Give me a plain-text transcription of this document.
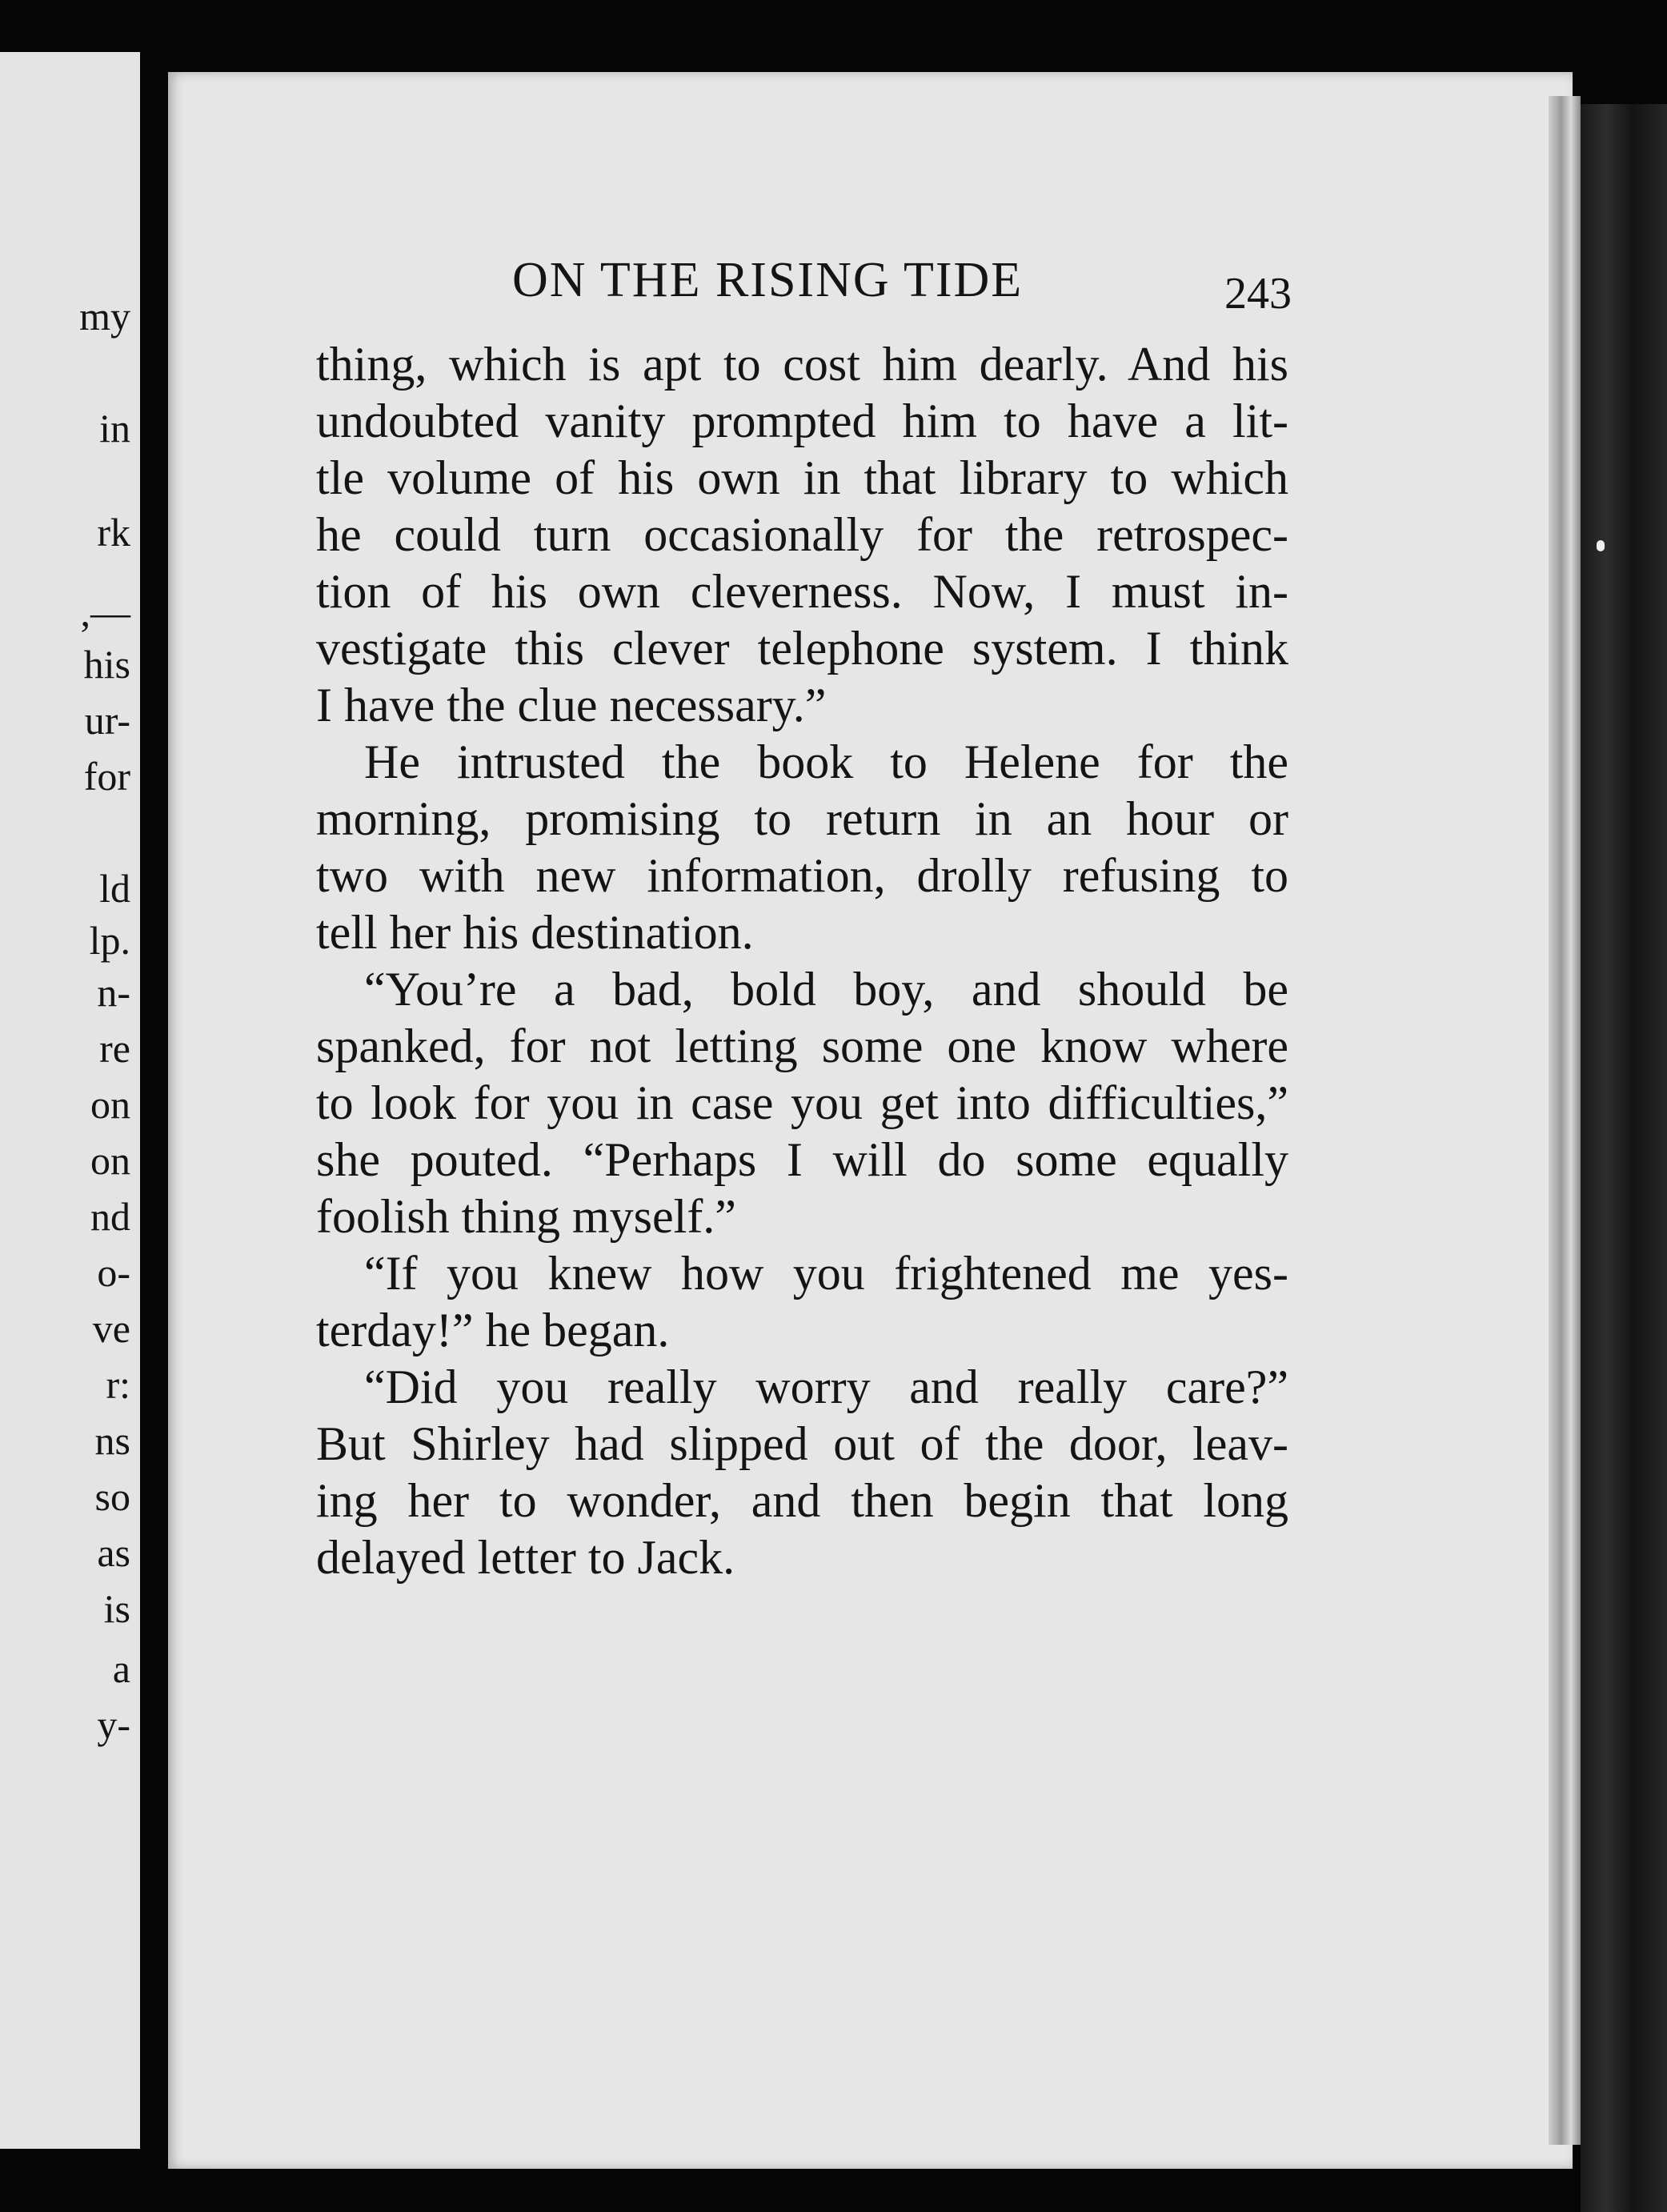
my
in
rk
,—
his
ur-
for
ld
lp.
n-
re
on
on
nd
o-
ve
r:
ns
so
as
is
a
y-
ON THE RISING TIDE	243
thing, which is apt to cost him dearly. And his
undoubted vanity prompted him to have a lit-
tle volume of his own in that library to which
he could turn occasionally for the retrospec-
tion of his own cleverness. Now, I must in-
vestigate this clever telephone system. I think
I have the clue necessary.”
He intrusted the book to Helene for the
morning, promising to return in an hour or
two with new information, drolly refusing to
tell her his destination.
“You’re a bad, bold boy, and should be
spanked, for not letting some one know where
to look for you in case you get into difficulties,”
she pouted. “Perhaps I will do some equally
foolish thing myself.”
“If you knew how you frightened me yes-
terday!” he began.
“Did you really worry and really care?”
But Shirley had slipped out of the door, leav-
ing her to wonder, and then begin that long
delayed letter to Jack.
